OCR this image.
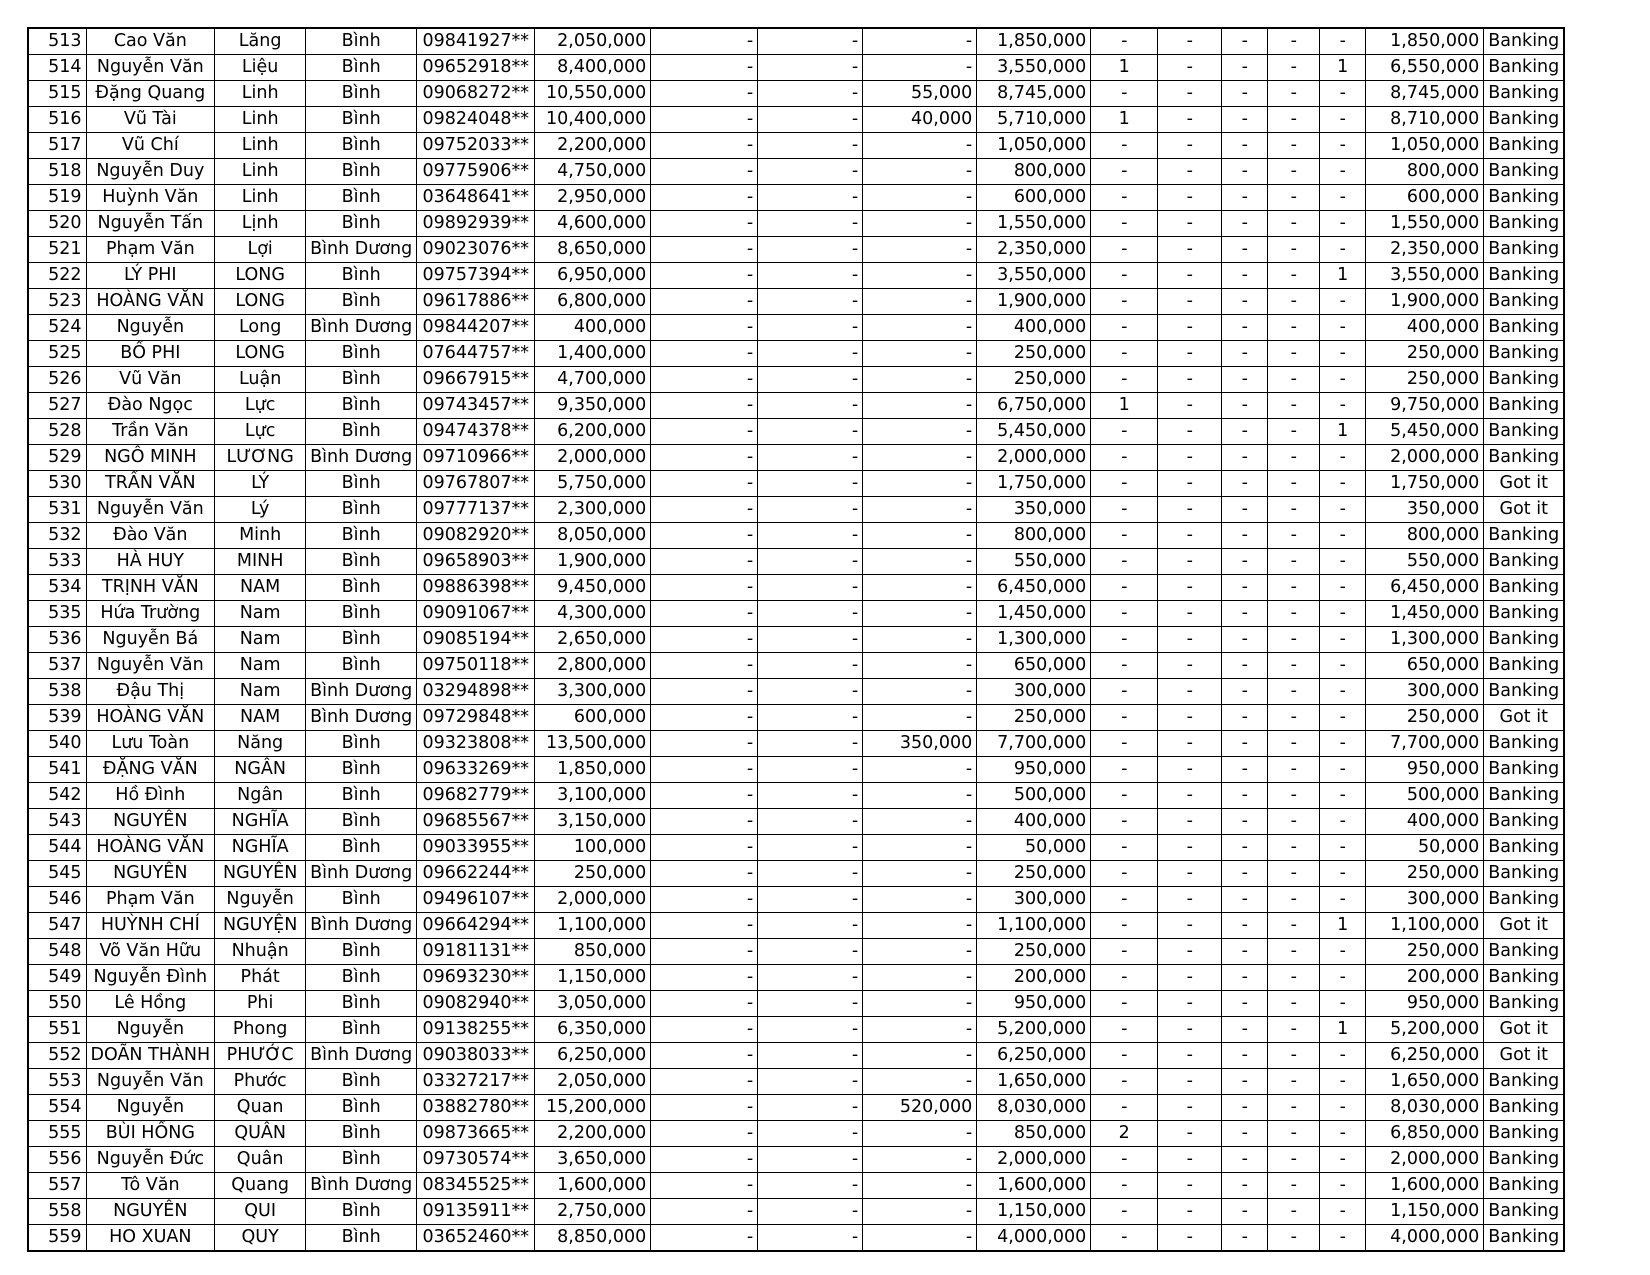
513	Cao Văn	Lăng	Bình	09841927**	2,050,000	-	-	-	1,850,000	-	-	-	-	-	1,850,000	Banking
514	Nguyễn Văn	Liệu	Bình	09652918**	8,400,000	-	-	-	3,550,000	1	-	-	-	1	6,550,000	Banking
515	Đặng Quang	Linh	Bình	09068272**	10,550,000	-	-	55,000	8,745,000	-	-	-	-	-	8,745,000	Banking
516	Vũ Tài	Linh	Bình	09824048**	10,400,000	-	-	40,000	5,710,000	1	-	-	-	-	8,710,000	Banking
517	Vũ Chí	Linh	Bình	09752033**	2,200,000	-	-	-	1,050,000	-	-	-	-	-	1,050,000	Banking
518	Nguyễn Duy	Linh	Bình	09775906**	4,750,000	-	-	-	800,000	-	-	-	-	-	800,000	Banking
519	Huỳnh Văn	Linh	Bình	03648641**	2,950,000	-	-	-	600,000	-	-	-	-	-	600,000	Banking
520	Nguyễn Tấn	Lịnh	Bình	09892939**	4,600,000	-	-	-	1,550,000	-	-	-	-	-	1,550,000	Banking
521	Phạm Văn	Lợi	Bình Dương	09023076**	8,650,000	-	-	-	2,350,000	-	-	-	-	-	2,350,000	Banking
522	LÝ PHI	LONG	Bình	09757394**	6,950,000	-	-	-	3,550,000	-	-	-	-	1	3,550,000	Banking
523	HOÀNG VĂN	LONG	Bình	09617886**	6,800,000	-	-	-	1,900,000	-	-	-	-	-	1,900,000	Banking
524	Nguyễn	Long	Bình Dương	09844207**	400,000	-	-	-	400,000	-	-	-	-	-	400,000	Banking
525	BỒ PHI	LONG	Bình	07644757**	1,400,000	-	-	-	250,000	-	-	-	-	-	250,000	Banking
526	Vũ Văn	Luận	Bình	09667915**	4,700,000	-	-	-	250,000	-	-	-	-	-	250,000	Banking
527	Đào Ngọc	Lực	Bình	09743457**	9,350,000	-	-	-	6,750,000	1	-	-	-	-	9,750,000	Banking
528	Trần Văn	Lực	Bình	09474378**	6,200,000	-	-	-	5,450,000	-	-	-	-	1	5,450,000	Banking
529	NGÔ MINH	LƯƠNG	Bình Dương	09710966**	2,000,000	-	-	-	2,000,000	-	-	-	-	-	2,000,000	Banking
530	TRẦN VĂN	LÝ	Bình	09767807**	5,750,000	-	-	-	1,750,000	-	-	-	-	-	1,750,000	Got it
531	Nguyễn Văn	Lý	Bình	09777137**	2,300,000	-	-	-	350,000	-	-	-	-	-	350,000	Got it
532	Đào Văn	Minh	Bình	09082920**	8,050,000	-	-	-	800,000	-	-	-	-	-	800,000	Banking
533	HÀ HUY	MINH	Bình	09658903**	1,900,000	-	-	-	550,000	-	-	-	-	-	550,000	Banking
534	TRỊNH VĂN	NAM	Bình	09886398**	9,450,000	-	-	-	6,450,000	-	-	-	-	-	6,450,000	Banking
535	Hứa Trường	Nam	Bình	09091067**	4,300,000	-	-	-	1,450,000	-	-	-	-	-	1,450,000	Banking
536	Nguyễn Bá	Nam	Bình	09085194**	2,650,000	-	-	-	1,300,000	-	-	-	-	-	1,300,000	Banking
537	Nguyễn Văn	Nam	Bình	09750118**	2,800,000	-	-	-	650,000	-	-	-	-	-	650,000	Banking
538	Đậu Thị	Nam	Bình Dương	03294898**	3,300,000	-	-	-	300,000	-	-	-	-	-	300,000	Banking
539	HOÀNG VĂN	NAM	Bình Dương	09729848**	600,000	-	-	-	250,000	-	-	-	-	-	250,000	Got it
540	Lưu Toàn	Năng	Bình	09323808**	13,500,000	-	-	350,000	7,700,000	-	-	-	-	-	7,700,000	Banking
541	ĐẶNG VĂN	NGÂN	Bình	09633269**	1,850,000	-	-	-	950,000	-	-	-	-	-	950,000	Banking
542	Hồ Đình	Ngân	Bình	09682779**	3,100,000	-	-	-	500,000	-	-	-	-	-	500,000	Banking
543	NGUYỄN	NGHĨA	Bình	09685567**	3,150,000	-	-	-	400,000	-	-	-	-	-	400,000	Banking
544	HOÀNG VĂN	NGHĨA	Bình	09033955**	100,000	-	-	-	50,000	-	-	-	-	-	50,000	Banking
545	NGUYỄN	NGUYÊN	Bình Dương	09662244**	250,000	-	-	-	250,000	-	-	-	-	-	250,000	Banking
546	Phạm Văn	Nguyễn	Bình	09496107**	2,000,000	-	-	-	300,000	-	-	-	-	-	300,000	Banking
547	HUỲNH CHÍ	NGUYỆN	Bình Dương	09664294**	1,100,000	-	-	-	1,100,000	-	-	-	-	1	1,100,000	Got it
548	Võ Văn Hữu	Nhuận	Bình	09181131**	850,000	-	-	-	250,000	-	-	-	-	-	250,000	Banking
549	Nguyễn Đình	Phát	Bình	09693230**	1,150,000	-	-	-	200,000	-	-	-	-	-	200,000	Banking
550	Lê Hồng	Phi	Bình	09082940**	3,050,000	-	-	-	950,000	-	-	-	-	-	950,000	Banking
551	Nguyễn	Phong	Bình	09138255**	6,350,000	-	-	-	5,200,000	-	-	-	-	1	5,200,000	Got it
552	DOÃN THÀNH	PHƯỚC	Bình Dương	09038033**	6,250,000	-	-	-	6,250,000	-	-	-	-	-	6,250,000	Got it
553	Nguyễn Văn	Phước	Bình	03327217**	2,050,000	-	-	-	1,650,000	-	-	-	-	-	1,650,000	Banking
554	Nguyễn	Quan	Bình	03882780**	15,200,000	-	-	520,000	8,030,000	-	-	-	-	-	8,030,000	Banking
555	BÙI HỒNG	QUÂN	Bình	09873665**	2,200,000	-	-	-	850,000	2	-	-	-	-	6,850,000	Banking
556	Nguyễn Đức	Quân	Bình	09730574**	3,650,000	-	-	-	2,000,000	-	-	-	-	-	2,000,000	Banking
557	Tô Văn	Quang	Bình Dương	08345525**	1,600,000	-	-	-	1,600,000	-	-	-	-	-	1,600,000	Banking
558	NGUYỄN	QUI	Bình	09135911**	2,750,000	-	-	-	1,150,000	-	-	-	-	-	1,150,000	Banking
559	HO XUAN	QUY	Bình	03652460**	8,850,000	-	-	-	4,000,000	-	-	-	-	-	4,000,000	Banking
